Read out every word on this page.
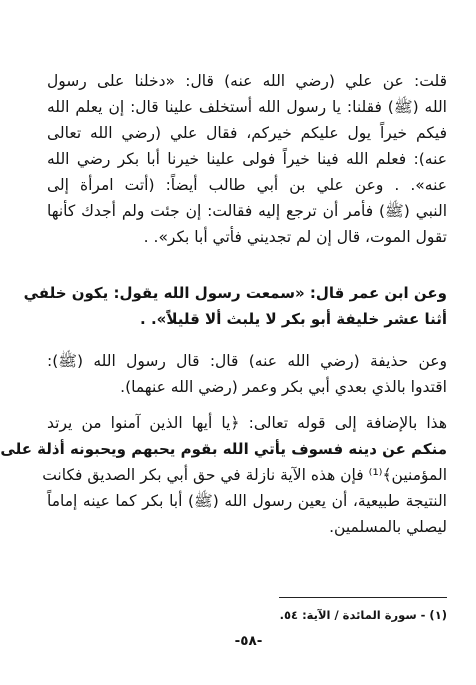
قلت: عن علي (رضي الله عنه) قال: «دخلنا على رسول
الله (ﷺ) فقلنا: يا رسول الله أستخلف علينا قال: إن يعلم الله
فيكم خيراً يول عليكم خيركم، فقال علي (رضي الله تعالى
عنه): فعلم الله فينا خيراً فولى علينا خيرنا أبا بكر رضي الله
عنه». . وعن علي بن أبي طالب أيضاً: (أتت امرأة إلى
النبي (ﷺ) فأمر أن ترجع إليه فقالت: إن جئت ولم أجدك كأنها
تقول الموت، قال إن لم تجديني فأتي أبا بكر». .
وعن ابن عمر قال: «سمعت رسول الله يقول: يكون خلفي
أثنا عشر خليفة أبو بكر لا يلبث ألا قليلاً». .
وعن حذيفة (رضي الله عنه) قال: قال رسول الله (ﷺ):
اقتدوا بالذي بعدي أبي بكر وعمر (رضي الله عنهما).
هذا بالإضافة إلى قوله تعالى: ﴿يا أيها الذين آمنوا من يرتد
منكم عن دينه فسوف يأتي الله بقوم يحبهم ويحبونه أذلة على
المؤمنين﴾⁽¹⁾ فإن هذه الآية نازلة في حق أبي بكر الصديق فكانت
النتيجة طبيعية، أن يعين رسول الله (ﷺ) أبا بكر كما عينه إماماً
ليصلي بالمسلمين.
(١) - سورة المائدة / الآية: ٥٤.
-٥٨-
